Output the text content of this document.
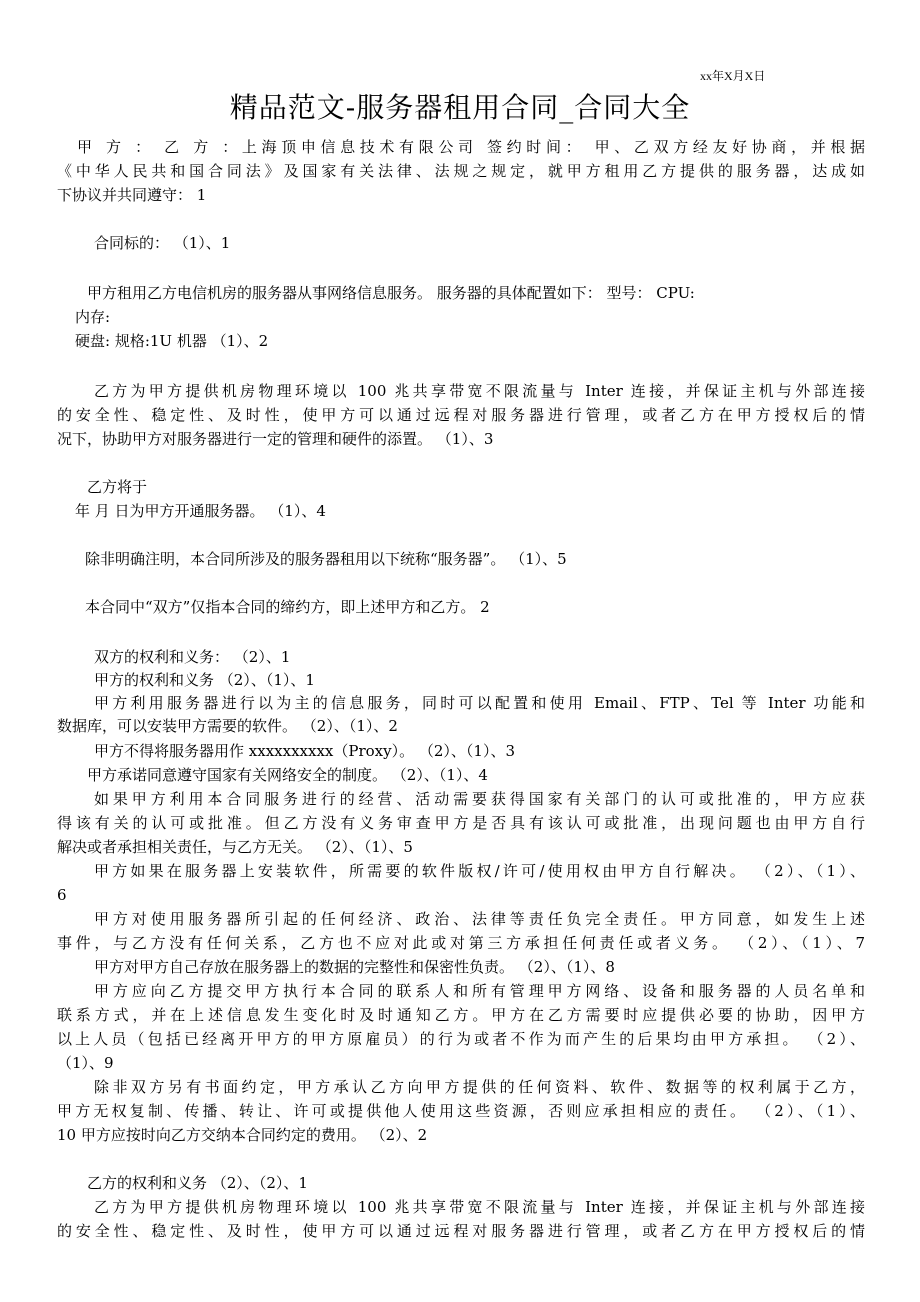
xx年X月X日
精品范文-服务器租用合同_合同大全
甲 方 ： 乙 方 ：上海顶申信息技术有限公司 签约时间： 甲、乙双方经友好协商，并根据
《中华人民共和国合同法》及国家有关法律、法规之规定，就甲方租用乙方提供的服务器，达成如
下协议并共同遵守： 1
合同标的： （1）、1
甲方租用乙方电信机房的服务器从事网络信息服务。 服务器的具体配置如下： 型号： CPU:
内存:
硬盘: 规格:1U 机器 （1）、2
乙方为甲方提供机房物理环境以 100 兆共享带宽不限流量与 Inter 连接，并保证主机与外部连接
的安全性、稳定性、及时性，使甲方可以通过远程对服务器进行管理，或者乙方在甲方授权后的情
况下，协助甲方对服务器进行一定的管理和硬件的添置。 （1）、3
乙方将于
年 月 日为甲方开通服务器。 （1）、4
除非明确注明，本合同所涉及的服务器租用以下统称“服务器”。 （1）、5
本合同中“双方”仅指本合同的缔约方，即上述甲方和乙方。 2
双方的权利和义务： （2）、1
甲方的权利和义务 （2）、（1）、1
甲方利用服务器进行以为主的信息服务，同时可以配置和使用 Email、FTP、Tel 等 Inter 功能和
数据库，可以安装甲方需要的软件。 （2）、（1）、2
甲方不得将服务器用作 xxxxxxxxxx（Proxy）。 （2）、（1）、3
甲方承诺同意遵守国家有关网络安全的制度。 （2）、（1）、4
如果甲方利用本合同服务进行的经营、活动需要获得国家有关部门的认可或批准的，甲方应获
得该有关的认可或批准。但乙方没有义务审查甲方是否具有该认可或批准，出现问题也由甲方自行
解决或者承担相关责任，与乙方无关。 （2）、（1）、5
甲方如果在服务器上安装软件，所需要的软件版权/许可/使用权由甲方自行解决。 （2）、（1）、
6
甲方对使用服务器所引起的任何经济、政治、法律等责任负完全责任。甲方同意，如发生上述
事件，与乙方没有任何关系，乙方也不应对此或对第三方承担任何责任或者义务。 （2）、（1）、7
甲方对甲方自己存放在服务器上的数据的完整性和保密性负责。 （2）、（1）、8
甲方应向乙方提交甲方执行本合同的联系人和所有管理甲方网络、设备和服务器的人员名单和
联系方式，并在上述信息发生变化时及时通知乙方。甲方在乙方需要时应提供必要的协助，因甲方
以上人员（包括已经离开甲方的甲方原雇员）的行为或者不作为而产生的后果均由甲方承担。 （2）、
（1）、9
除非双方另有书面约定，甲方承认乙方向甲方提供的任何资料、软件、数据等的权利属于乙方，
甲方无权复制、传播、转让、许可或提供他人使用这些资源，否则应承担相应的责任。 （2）、（1）、
10 甲方应按时向乙方交纳本合同约定的费用。 （2）、2
乙方的权利和义务 （2）、（2）、1
乙方为甲方提供机房物理环境以 100 兆共享带宽不限流量与 Inter 连接，并保证主机与外部连接
的安全性、稳定性、及时性，使甲方可以通过远程对服务器进行管理，或者乙方在甲方授权后的情
